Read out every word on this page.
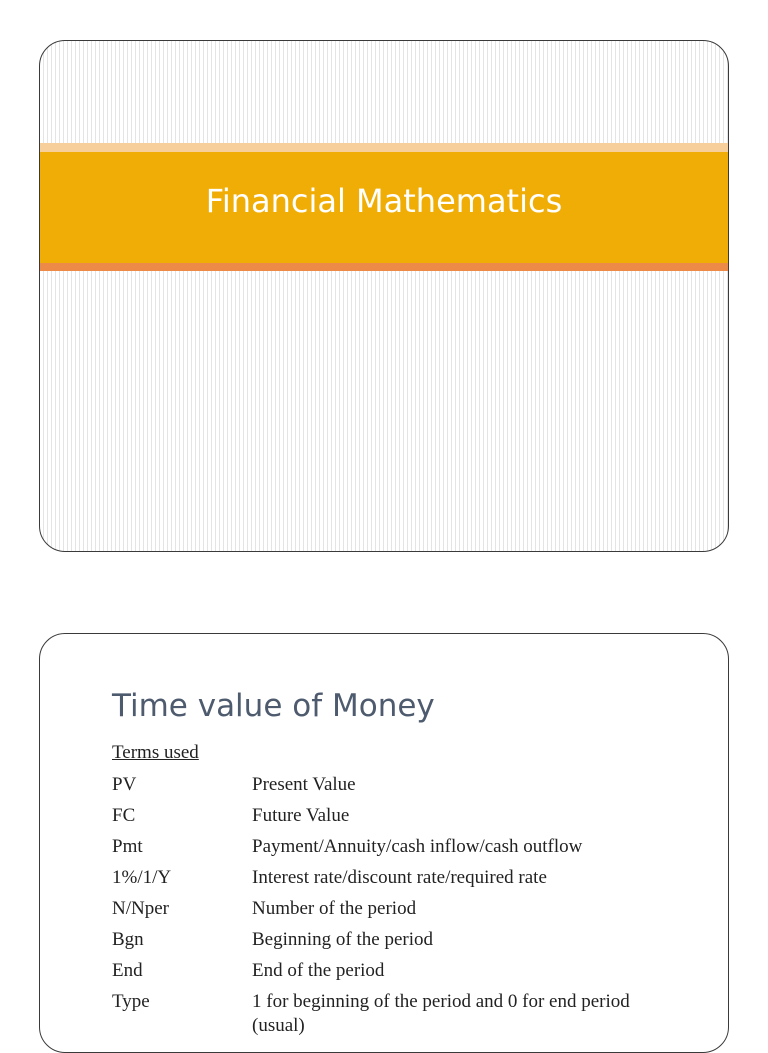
Financial Mathematics
Time value of Money
Terms used
PV	Present Value
FC	Future Value
Pmt	Payment/Annuity/cash inflow/cash outflow
1%/1/Y	Interest rate/discount rate/required rate
N/Nper	Number of the period
Bgn	Beginning of the period
End	End of the period
Type	1 for beginning of the period and 0 for end period (usual)
